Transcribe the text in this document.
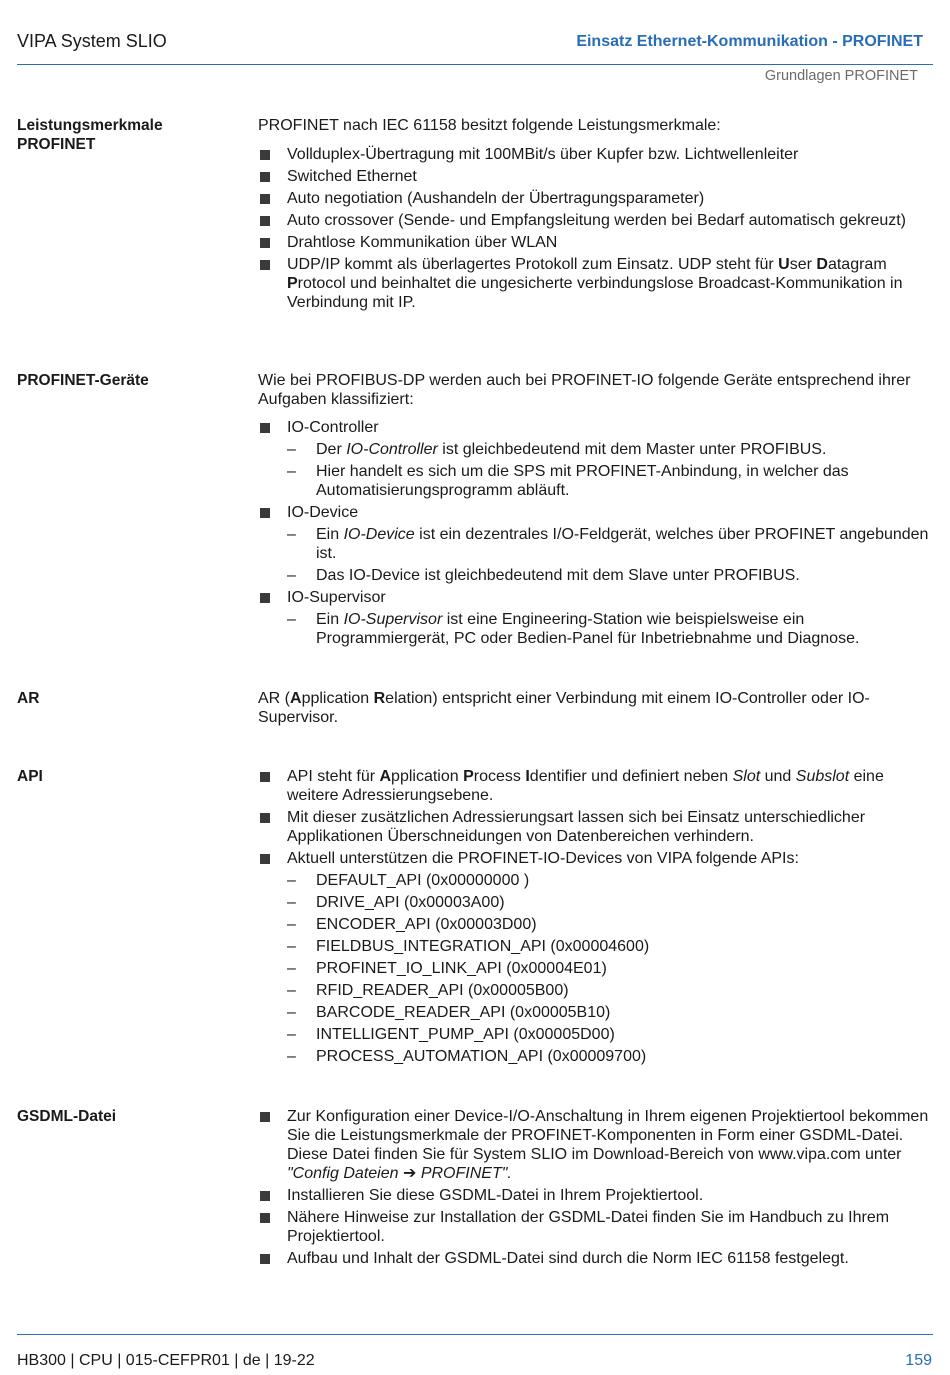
VIPA System SLIO	Einsatz Ethernet-Kommunikation - PROFINET
Grundlagen PROFINET
Leistungsmerkmale PROFINET

PROFINET nach IEC 61158 besitzt folgende Leistungsmerkmale:

Vollduplex-Übertragung mit 100MBit/s über Kupfer bzw. Lichtwellenleiter
Switched Ethernet
Auto negotiation (Aushandeln der Übertragungsparameter)
Auto crossover (Sende- und Empfangsleitung werden bei Bedarf automatisch gekreuzt)
Drahtlose Kommunikation über WLAN
UDP/IP kommt als überlagertes Protokoll zum Einsatz. UDP steht für User Datagram Protocol und beinhaltet die ungesicherte verbindungslose Broadcast-Kommunikation in Verbindung mit IP.
PROFINET-Geräte	Wie bei PROFIBUS-DP werden auch bei PROFINET-IO folgende Geräte entsprechend ihrer Aufgaben klassifiziert:

IO-Controller
– Der IO-Controller ist gleichbedeutend mit dem Master unter PROFIBUS.
– Hier handelt es sich um die SPS mit PROFINET-Anbindung, in welcher das Automatisierungsprogramm abläuft.
IO-Device
– Ein IO-Device ist ein dezentrales I/O-Feldgerät, welches über PROFINET angebunden ist.
– Das IO-Device ist gleichbedeutend mit dem Slave unter PROFIBUS.
IO-Supervisor
– Ein IO-Supervisor ist eine Engineering-Station wie beispielsweise ein Programmiergerät, PC oder Bedien-Panel für Inbetriebnahme und Diagnose.
AR	AR (Application Relation) entspricht einer Verbindung mit einem IO-Controller oder IO-Supervisor.

API	API steht für Application Process Identifier und definiert neben Slot und Subslot eine weitere Adressierungsebene.
Mit dieser zusätzlichen Adressierungsart lassen sich bei Einsatz unterschiedlicher Applikationen Überschneidungen von Datenbereichen verhindern.
Aktuell unterstützen die PROFINET-IO-Devices von VIPA folgende APIs:
– DEFAULT_API (0x00000000 )
– DRIVE_API (0x00003A00)
– ENCODER_API (0x00003D00)
– FIELDBUS_INTEGRATION_API (0x00004600)
– PROFINET_IO_LINK_API (0x00004E01)
– RFID_READER_API (0x00005B00)
– BARCODE_READER_API (0x00005B10)
– INTELLIGENT_PUMP_API (0x00005D00)
– PROCESS_AUTOMATION_API (0x00009700)
GSDML-Datei	Zur Konfiguration einer Device-I/O-Anschaltung in Ihrem eigenen Projektiertool bekommen Sie die Leistungsmerkmale der PROFINET-Komponenten in Form einer GSDML-Datei. Diese Datei finden Sie für System SLIO im Download-Bereich von www.vipa.com unter "Config Dateien ➔ PROFINET".
Installieren Sie diese GSDML-Datei in Ihrem Projektiertool.
Nähere Hinweise zur Installation der GSDML-Datei finden Sie im Handbuch zu Ihrem Projektiertool.
Aufbau und Inhalt der GSDML-Datei sind durch die Norm IEC 61158 festgelegt.
HB300 | CPU | 015-CEFPR01 | de | 19-22	159
